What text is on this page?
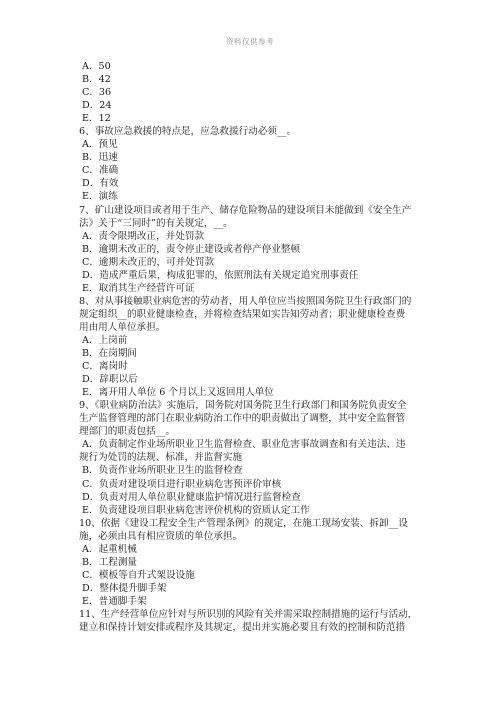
资料仅供参考
A．50
B．42
C．36
D．24
E．12
6、事故应急救援的特点是，应急救援行动必须__。
A．预见
B．迅速
C．准确
D．有效
E．演练
7、矿山建设项目或者用于生产、储存危险物品的建设项目未能做到《安全生产
法》关于“三同时”的有关规定，__。
A．责令限期改正，并处罚款
B．逾期未改正的，责令停止建设或者停产停业整顿
C．逾期未改正的，可并处罚款
D．造成严重后果，构成犯罪的，依照刑法有关规定追究刑事责任
E．取消其生产经营许可证
8、对从事接触职业病危害的劳动者，用人单位应当按照国务院卫生行政部门的
规定组织__的职业健康检查，并将检查结果如实告知劳动者；职业健康检查费
用由用人单位承担。
A．上岗前
B．在岗期间
C．离岗时
D．辞职以后
E．离开用人单位 6 个月以上又返回用人单位
9、《职业病防治法》实施后，国务院对国务院卫生行政部门和国务院负责安全
生产监督管理的部门在职业病防治工作中的职责做出了调整，其中安全监督管
理部门的职责包括__。
A．负责制定作业场所职业卫生监督检查、职业危害事故调查和有关违法、违
规行为处罚的法规、标准，并监督实施
B．负责作业场所职业卫生的监督检查
C．负责对建设项目进行职业病危害预评价审核
D．负责对用人单位职业健康监护情况进行监督检查
E．负责建设项目职业病危害评价机构的资质认定工作
10、依据《建设工程安全生产管理条例》的规定，在施工现场安装、拆卸__设
施，必须由具有相应资质的单位承担。
A．起重机械
B．工程测量
C．模板等自升式架设设施
D．整体提升脚手架
E．普通脚手架
11、生产经营单位应针对与所识别的风险有关并需采取控制措施的运行与活动，
建立和保持计划安排或程序及其规定，提出并实施必要且有效的控制和防范措
